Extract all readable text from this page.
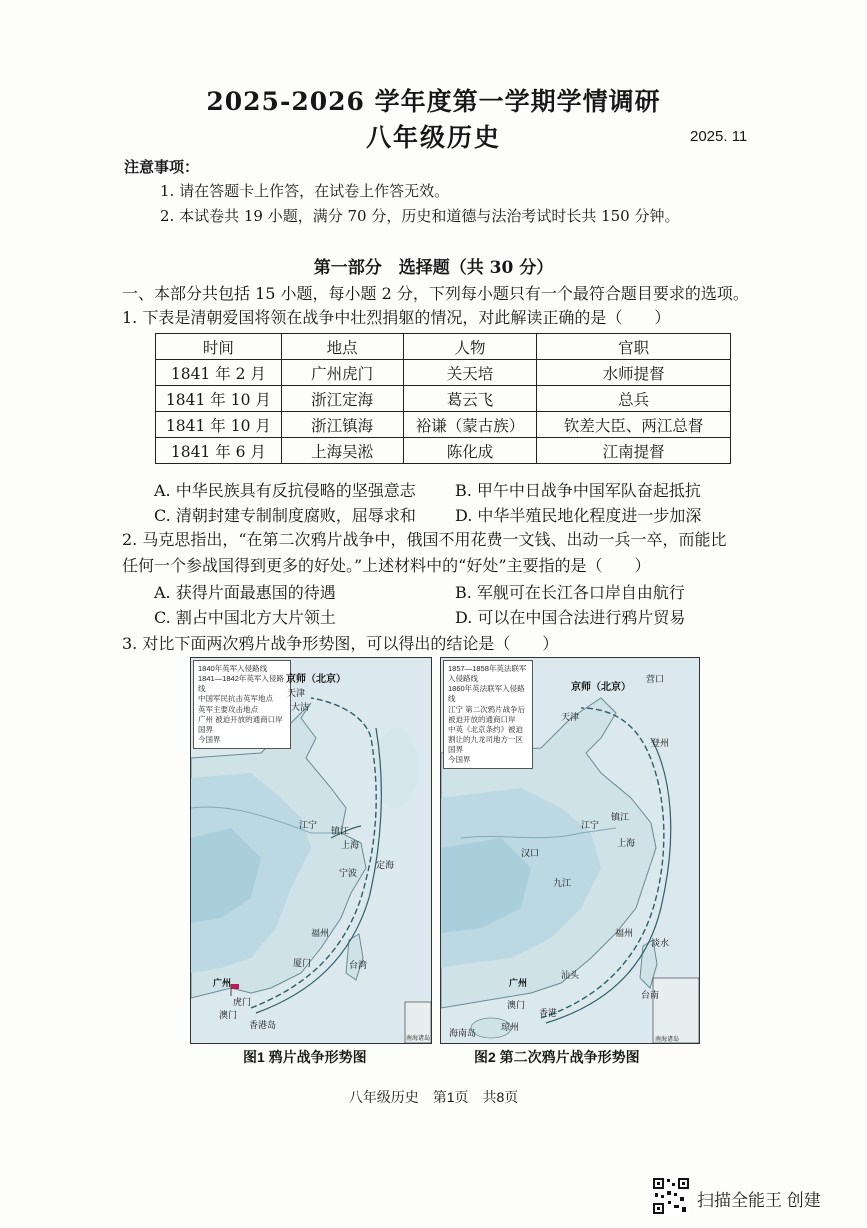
2025-2026 学年度第一学期学情调研
八年级历史	2025. 11
注意事项：
1. 请在答题卡上作答，在试卷上作答无效。
2. 本试卷共 19 小题，满分 70 分，历史和道德与法治考试时长共 150 分钟。
第一部分　选择题（共 30 分）
一、本部分共包括 15 小题，每小题 2 分，下列每小题只有一个最符合题目要求的选项。
1. 下表是清朝爱国将领在战争中壮烈捐躯的情况，对此解读正确的是（　　）
时间	地点	人物	官职
1841 年 2 月	广州虎门	关天培	水师提督
1841 年 10 月	浙江定海	葛云飞	总兵
1841 年 10 月	浙江镇海	裕谦（蒙古族）	钦差大臣、两江总督
1841 年 6 月	上海吴淞	陈化成	江南提督
A. 中华民族具有反抗侵略的坚强意志 B. 甲午中日战争中国军队奋起抵抗
C. 清朝封建专制制度腐败，屈辱求和 D. 中华半殖民地化程度进一步加深
2. 马克思指出，“在第二次鸦片战争中，俄国不用花费一文钱、出动一兵一卒，而能比
任何一个参战国得到更多的好处。”上述材料中的“好处”主要指的是（　　）
A. 获得片面最惠国的待遇	B. 军舰可在长江各口岸自由航行
C. 割占中国北方大片领土	D. 可以在中国合法进行鸦片贸易
3. 对比下面两次鸦片战争形势图，可以得出的结论是（　　）
1840年英军入侵路线
1841—1842年英军入侵路线
中国军民抗击英军地点
英军主要攻击地点
广州 被迫开放的通商口岸
国界
今国界
京师（北京）
天津
大沽
江宁
镇江
上海
宁波
定海
福州
厦门
广州
虎门
澳门
香港岛
台湾
南海诸岛
图1 鸦片战争形势图
1857—1858年英法联军入侵路线
1860年英法联军入侵路线
江宁 第二次鸦片战争后被迫开放的通商口岸
中英《北京条约》被迫割让的九龙司地方一区
国界
今国界
京师（北京）
营口
天津
登州
江宁
镇江
上海
汉口
九江
福州
淡水
汕头
台南
广州
澳门
香港
琼州
海南岛
南海诸岛
图2 第二次鸦片战争形势图
八年级历史　第1页　共8页
扫描全能王 创建
